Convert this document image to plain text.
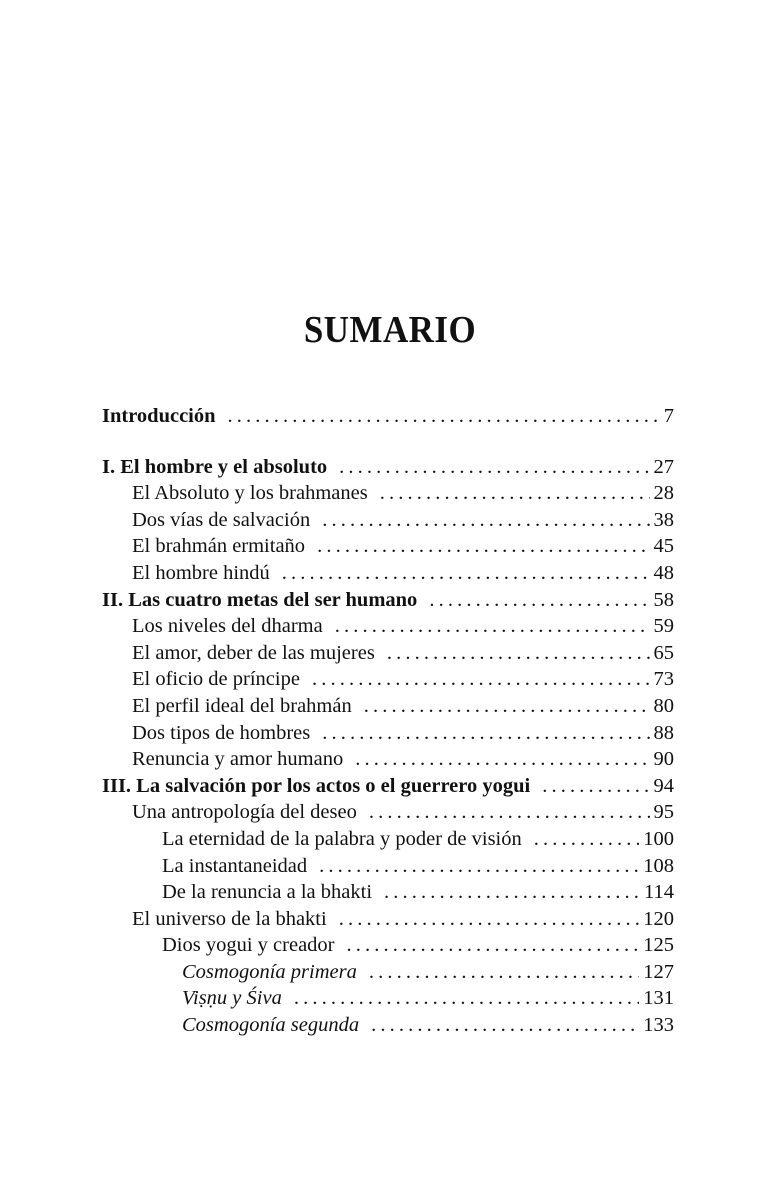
SUMARIO
Introducción . . .	7
I. El hombre y el absoluto . . .	27
El Absoluto y los brahmanes . . .	28
Dos vías de salvación . . .	38
El brahmán ermitaño . . .	45
El hombre hindú . . .	48
II. Las cuatro metas del ser humano . . .	58
Los niveles del dharma . . .	59
El amor, deber de las mujeres . . .	65
El oficio de príncipe . . .	73
El perfil ideal del brahmán . . .	80
Dos tipos de hombres . . .	88
Renuncia y amor humano . . .	90
III. La salvación por los actos o el guerrero yogui . . .	94
Una antropología del deseo . . .	95
La eternidad de la palabra y poder de visión . . .	100
La instantaneidad . . .	108
De la renuncia a la bhakti . . .	114
El universo de la bhakti . . .	120
Dios yogui y creador . . .	125
Cosmogonía primera . . .	127
Viṣṇu y Śiva . . .	131
Cosmogonía segunda . . .	133
